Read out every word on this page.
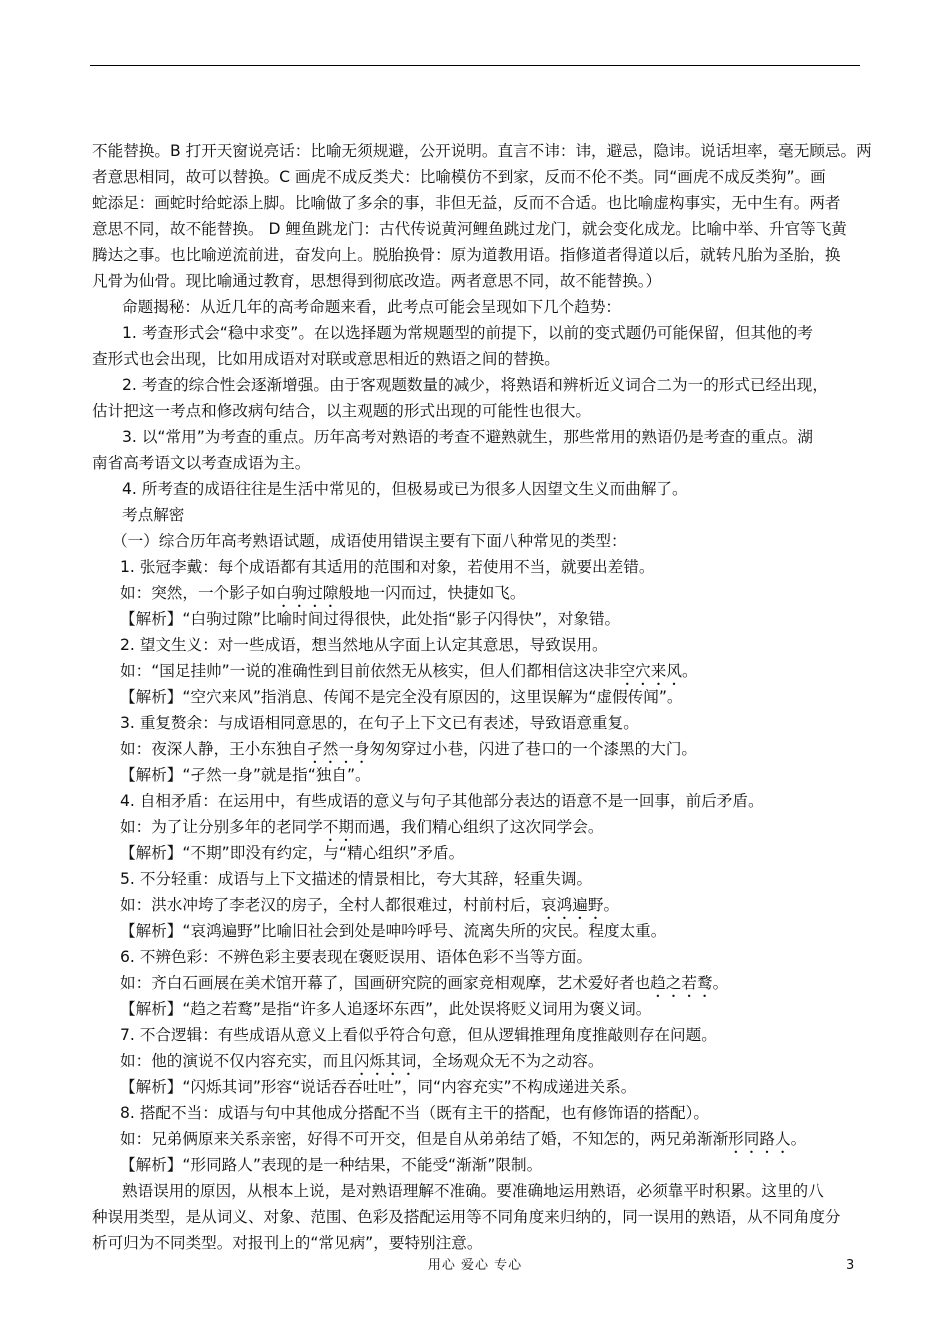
不能替换。B 打开天窗说亮话：比喻无须规避，公开说明。直言不讳：讳，避忌，隐讳。说话坦率，毫无顾忌。两
者意思相同，故可以替换。C 画虎不成反类犬：比喻模仿不到家，反而不伦不类。同“画虎不成反类狗”。画
蛇添足：画蛇时给蛇添上脚。比喻做了多余的事，非但无益，反而不合适。也比喻虚构事实，无中生有。两者
意思不同，故不能替换。 D 鲤鱼跳龙门：古代传说黄河鲤鱼跳过龙门，就会变化成龙。比喻中举、升官等飞黄
腾达之事。也比喻逆流前进，奋发向上。脱胎换骨：原为道教用语。指修道者得道以后，就转凡胎为圣胎，换
凡骨为仙骨。现比喻通过教育，思想得到彻底改造。两者意思不同，故不能替换。）
命题揭秘：从近几年的高考命题来看，此考点可能会呈现如下几个趋势：
1. 考查形式会“稳中求变”。在以选择题为常规题型的前提下，以前的变式题仍可能保留，但其他的考
查形式也会出现，比如用成语对对联或意思相近的熟语之间的替换。
2. 考查的综合性会逐渐增强。由于客观题数量的减少，将熟语和辨析近义词合二为一的形式已经出现，
估计把这一考点和修改病句结合，以主观题的形式出现的可能性也很大。
3. 以“常用”为考查的重点。历年高考对熟语的考查不避熟就生，那些常用的熟语仍是考查的重点。湖
南省高考语文以考查成语为主。
4. 所考查的成语往往是生活中常见的，但极易或已为很多人因望文生义而曲解了。
考点解密
（一）综合历年高考熟语试题，成语使用错误主要有下面八种常见的类型：
1. 张冠李戴：每个成语都有其适用的范围和对象，若使用不当，就要出差错。
如：突然，一个影子如白驹过隙般地一闪而过，快捷如飞。
【解析】“白驹过隙”比喻时间过得很快，此处指“影子闪得快”，对象错。
2. 望文生义：对一些成语，想当然地从字面上认定其意思，导致误用。
如：“国足挂帅”一说的准确性到目前依然无从核实，但人们都相信这决非空穴来风。
【解析】“空穴来风”指消息、传闻不是完全没有原因的，这里误解为“虚假传闻”。
3. 重复赘余：与成语相同意思的，在句子上下文已有表述，导致语意重复。
如：夜深人静，王小东独自孑然一身匆匆穿过小巷，闪进了巷口的一个漆黑的大门。
【解析】“孑然一身”就是指“独自”。
4. 自相矛盾：在运用中，有些成语的意义与句子其他部分表达的语意不是一回事，前后矛盾。
如：为了让分别多年的老同学不期而遇，我们精心组织了这次同学会。
【解析】“不期”即没有约定，与“精心组织”矛盾。
5. 不分轻重：成语与上下文描述的情景相比，夸大其辞，轻重失调。
如：洪水冲垮了李老汉的房子，全村人都很难过，村前村后，哀鸿遍野。
【解析】“哀鸿遍野”比喻旧社会到处是呻吟呼号、流离失所的灾民。程度太重。
6. 不辨色彩：不辨色彩主要表现在褒贬误用、语体色彩不当等方面。
如：齐白石画展在美术馆开幕了，国画研究院的画家竞相观摩，艺术爱好者也趋之若鹜。
【解析】“趋之若鹜”是指“许多人追逐坏东西”，此处误将贬义词用为褒义词。
7. 不合逻辑：有些成语从意义上看似乎符合句意，但从逻辑推理角度推敲则存在问题。
如：他的演说不仅内容充实，而且闪烁其词，全场观众无不为之动容。
【解析】“闪烁其词”形容“说话吞吞吐吐”，同“内容充实”不构成递进关系。
8. 搭配不当：成语与句中其他成分搭配不当（既有主干的搭配，也有修饰语的搭配）。
如：兄弟俩原来关系亲密，好得不可开交，但是自从弟弟结了婚，不知怎的，两兄弟渐渐形同路人。
【解析】“形同路人”表现的是一种结果，不能受“渐渐”限制。
熟语误用的原因，从根本上说，是对熟语理解不准确。要准确地运用熟语，必须靠平时积累。这里的八
种误用类型，是从词义、对象、范围、色彩及搭配运用等不同角度来归纳的，同一误用的熟语，从不同角度分
析可归为不同类型。对报刊上的“常见病”，要特别注意。
用心 爱心 专心	3
